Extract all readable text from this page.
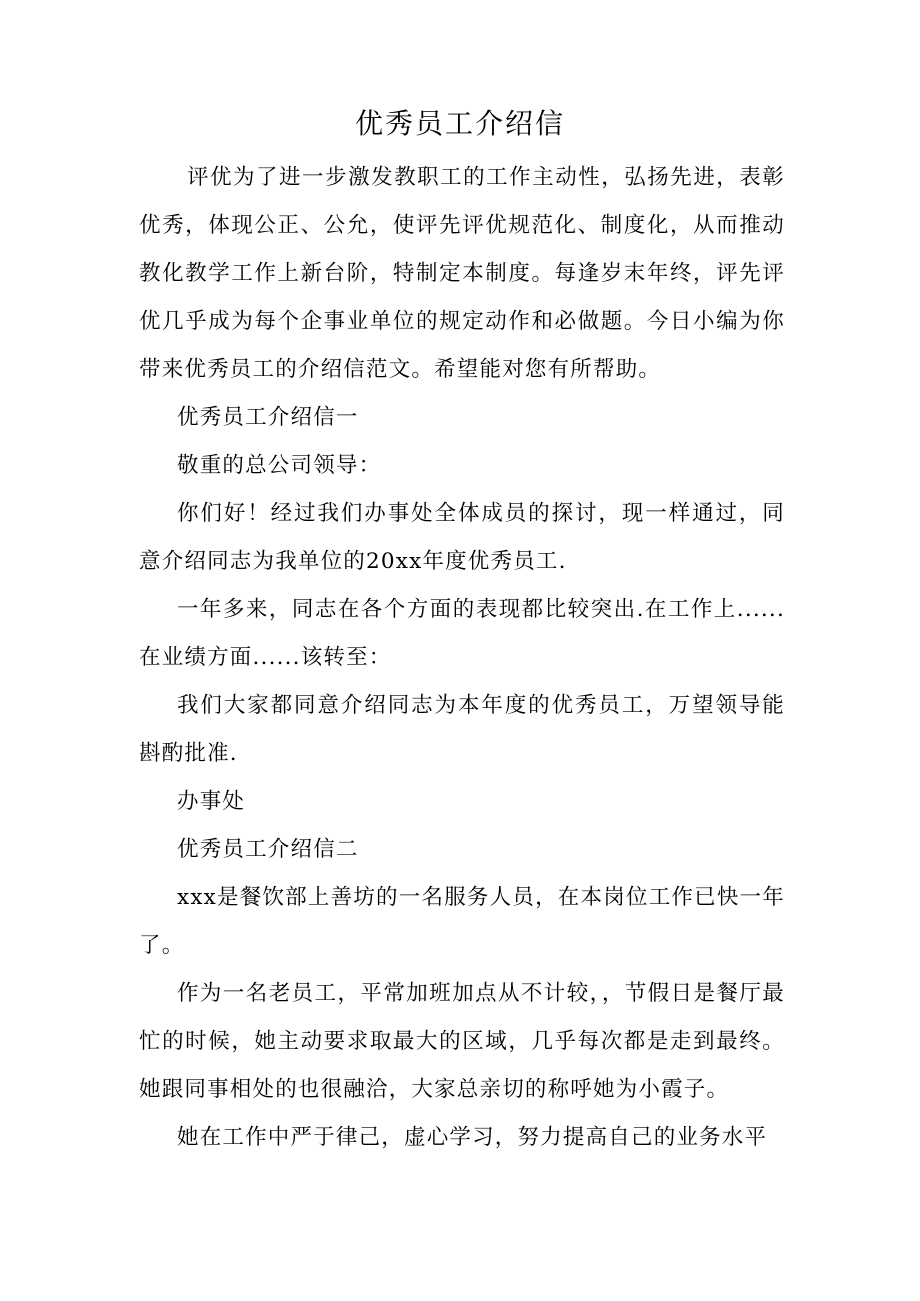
优秀员工介绍信

评优为了进一步激发教职工的工作主动性，弘扬先进，表彰优秀，体现公正、公允，使评先评优规范化、制度化，从而推动教化教学工作上新台阶，特制定本制度。每逢岁末年终，评先评优几乎成为每个企事业单位的规定动作和必做题。今日小编为你带来优秀员工的介绍信范文。希望能对您有所帮助。

优秀员工介绍信一

敬重的总公司领导：

你们好！经过我们办事处全体成员的探讨，现一样通过，同意介绍同志为我单位的20xx年度优秀员工.

一年多来，同志在各个方面的表现都比较突出.在工作上......在业绩方面......该转至：

我们大家都同意介绍同志为本年度的优秀员工，万望领导能斟酌批准.

办事处

优秀员工介绍信二

xxx是餐饮部上善坊的一名服务人员，在本岗位工作已快一年了。

作为一名老员工，平常加班加点从不计较，，节假日是餐厅最忙的时候，她主动要求取最大的区域，几乎每次都是走到最终。她跟同事相处的也很融洽，大家总亲切的称呼她为小霞子。

她在工作中严于律己，虚心学习，努力提高自己的业务水平
